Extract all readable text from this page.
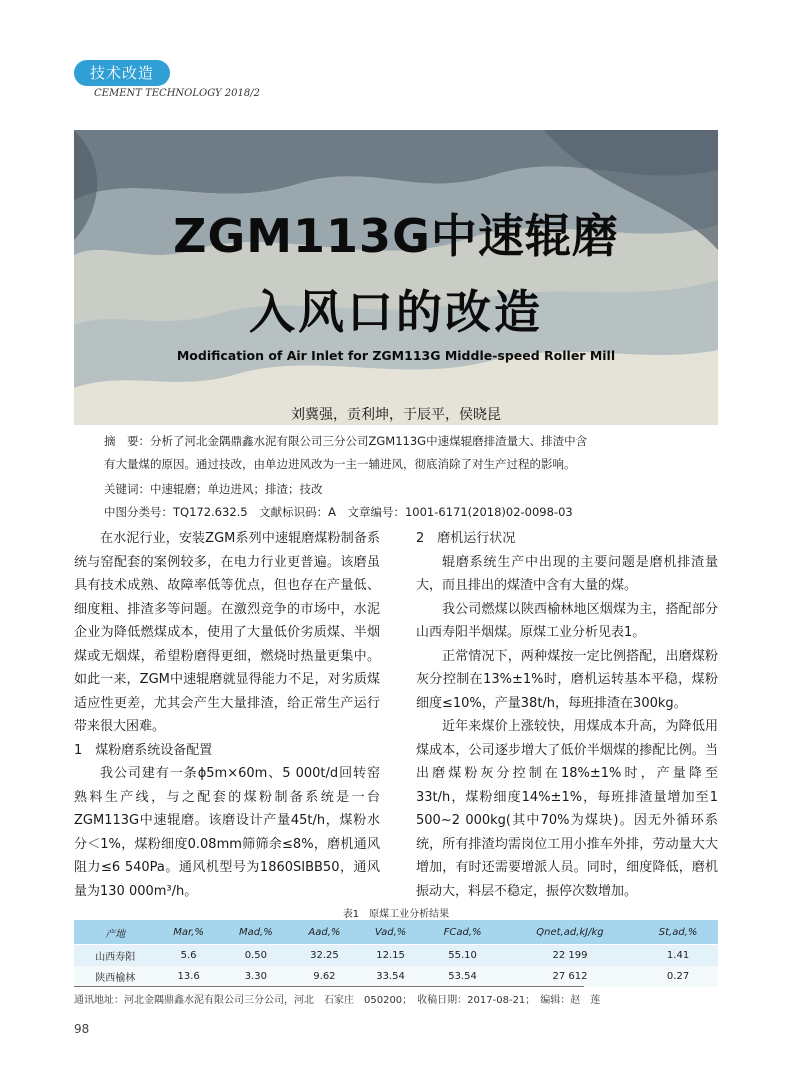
技术改造
CEMENT TECHNOLOGY 2018/2
ZGM113G中速辊磨
入风口的改造
Modification of Air Inlet for ZGM113G Middle-speed Roller Mill
刘冀强，贡利坤，于辰平，侯晓昆
摘　要：分析了河北金隅鼎鑫水泥有限公司三分公司ZGM113G中速煤辊磨排渣量大、排渣中含
有大量煤的原因。通过技改，由单边进风改为一主一辅进风，彻底消除了对生产过程的影响。
关键词：中速辊磨；单边进风；排渣；技改
中图分类号：TQ172.632.5　文献标识码：A　文章编号：1001-6171(2018)02-0098-03

在水泥行业，安装ZGM系列中速辊磨煤粉制备系统与窑配套的案例较多，在电力行业更普遍。该磨虽具有技术成熟、故障率低等优点，但也存在产量低、细度粗、排渣多等问题。在激烈竞争的市场中，水泥企业为降低燃煤成本，使用了大量低价劣质煤、半烟煤或无烟煤，希望粉磨得更细，燃烧时热量更集中。如此一来，ZGM中速辊磨就显得能力不足，对劣质煤适应性更差，尤其会产生大量排渣，给正常生产运行带来很大困难。

1　煤粉磨系统设备配置

我公司建有一条ϕ5m×60m、5 000t/d回转窑熟料生产线，与之配套的煤粉制备系统是一台ZGM113G中速辊磨。该磨设计产量45t/h，煤粉水分＜1%，煤粉细度0.08mm筛筛余≤8%，磨机通风阻力≤6 540Pa。通风机型号为1860SIBB50，通风量为130 000m³/h。

2　磨机运行状况

辊磨系统生产中出现的主要问题是磨机排渣量大，而且排出的煤渣中含有大量的煤。

我公司燃煤以陕西榆林地区烟煤为主，搭配部分山西寿阳半烟煤。原煤工业分析见表1。

正常情况下，两种煤按一定比例搭配，出磨煤粉灰分控制在13%±1%时，磨机运转基本平稳，煤粉细度≤10%，产量38t/h，每班排渣在300kg。

近年来煤价上涨较快，用煤成本升高，为降低用煤成本，公司逐步增大了低价半烟煤的掺配比例。当出磨煤粉灰分控制在18%±1%时，产量降至33t/h，煤粉细度14%±1%，每班排渣量增加至1 500~2 000kg(其中70%为煤块)。因无外循环系统，所有排渣均需岗位工用小推车外排，劳动量大大增加，有时还需要增派人员。同时，细度降低，磨机振动大，料层不稳定，振停次数增加。

表1　原煤工业分析结果
产地	Mar,%	Mad,%	Aad,%	Vad,%	FCad,%	Qnet,ad,kJ/kg	St,ad,%
山西寿阳	5.6	0.50	32.25	12.15	55.10	22 199	1.41
陕西榆林	13.6	3.30	9.62	33.54	53.54	27 612	0.27
通讯地址：河北金隅鼎鑫水泥有限公司三分公司，河北　石家庄　050200；　收稿日期：2017-08-21；　编辑：赵　莲
98
